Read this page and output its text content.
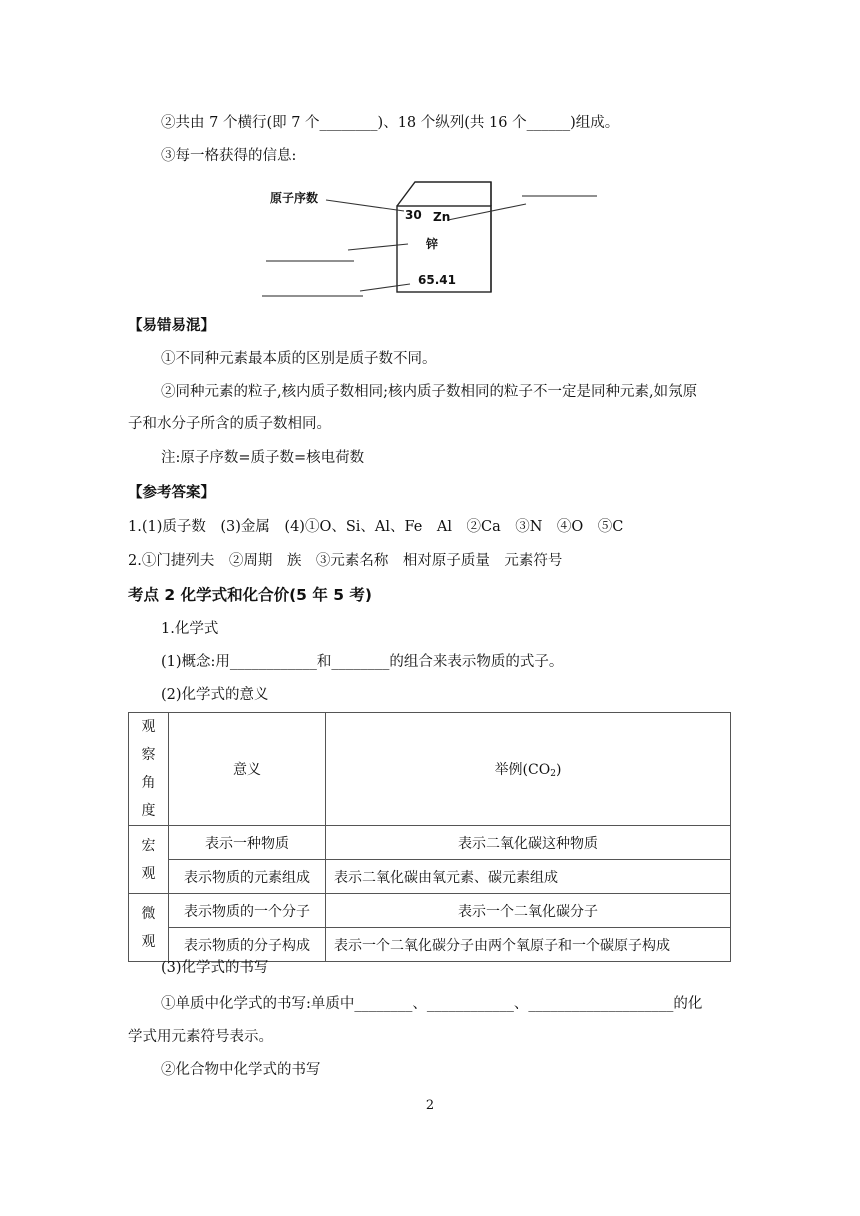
②共由 7 个横行(即 7 个________)、18 个纵列(共 16 个______)组成。
③每一格获得的信息:
原子序数
30 Zn
锌
65.41
【易错易混】
①不同种元素最本质的区别是质子数不同。
②同种元素的粒子,核内质子数相同;核内质子数相同的粒子不一定是同种元素,如氖原
子和水分子所含的质子数相同。
注:原子序数=质子数=核电荷数
【参考答案】
1.(1)质子数　(3)金属　(4)①O、Si、Al、Fe　Al　②Ca　③N　④O　⑤C
2.①门捷列夫　②周期　族　③元素名称　相对原子质量　元素符号
考点 2 化学式和化合价(5 年 5 考)
1.化学式
(1)概念:用____________和________的组合来表示物质的式子。
(2)化学式的意义
观察角度	意义	举例$(CO_2)$
宏观	表示一种物质	表示二氧化碳这种物质
	表示物质的元素组成	表示二氧化碳由氧元素、碳元素组成
微观	表示物质的一个分子	表示一个二氧化碳分子
	表示物质的分子构成	表示一个二氧化碳分子由两个氧原子和一个碳原子构成
(3)化学式的书写
①单质中化学式的书写:单质中________、____________、____________________的化
学式用元素符号表示。
②化合物中化学式的书写
2
